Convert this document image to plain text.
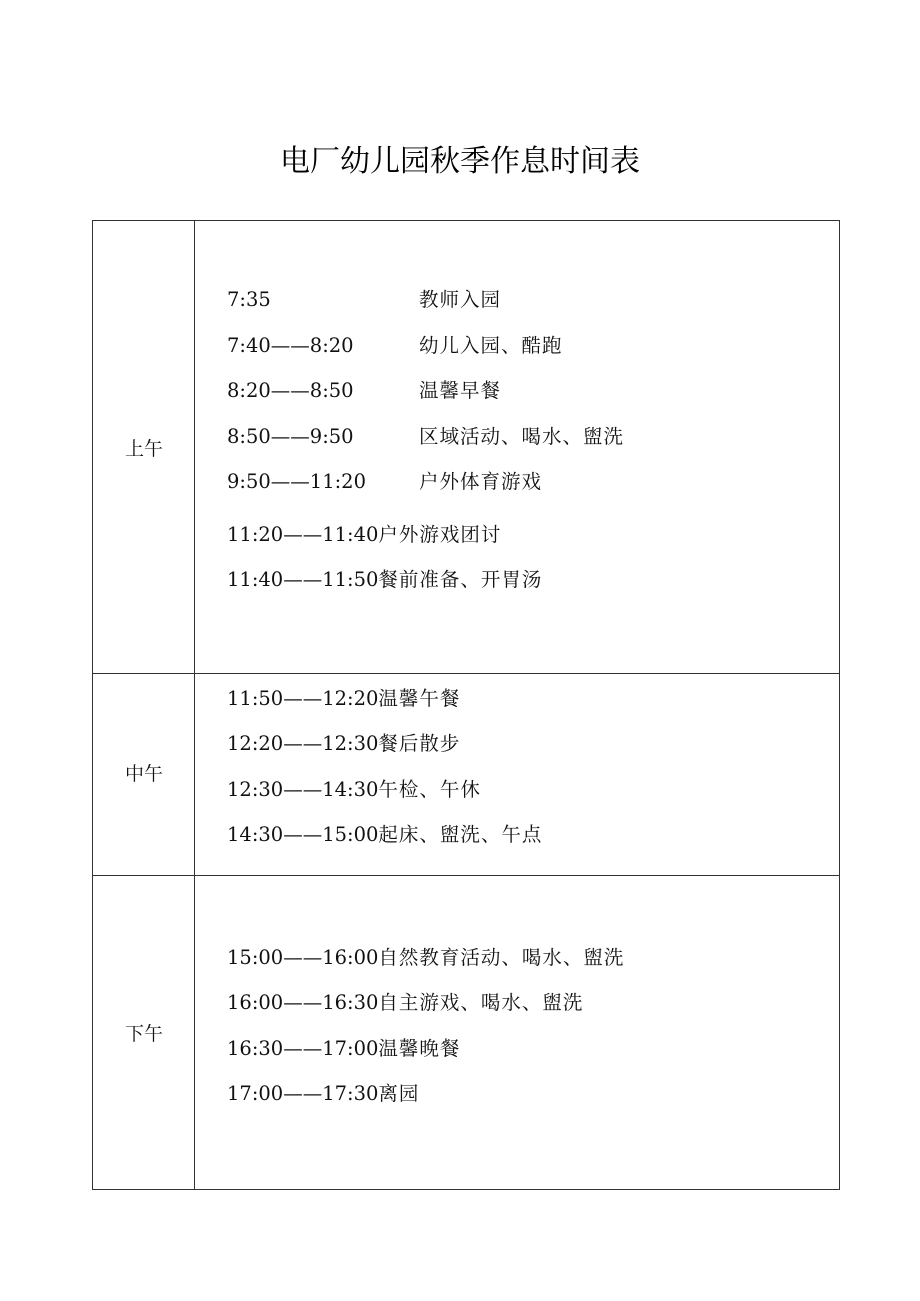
电厂幼儿园秋季作息时间表
上午
7:35	教师入园
7:40——8:20	幼儿入园、酷跑
8:20——8:50	温馨早餐
8:50——9:50	区域活动、喝水、盥洗
9:50——11:20	户外体育游戏
11:20——11:40户外游戏团讨
11:40——11:50餐前准备、开胃汤
中午
11:50——12:20温馨午餐
12:20——12:30餐后散步
12:30——14:30午检、午休
14:30——15:00起床、盥洗、午点
下午
15:00——16:00自然教育活动、喝水、盥洗
16:00——16:30自主游戏、喝水、盥洗
16:30——17:00温馨晚餐
17:00——17:30离园
